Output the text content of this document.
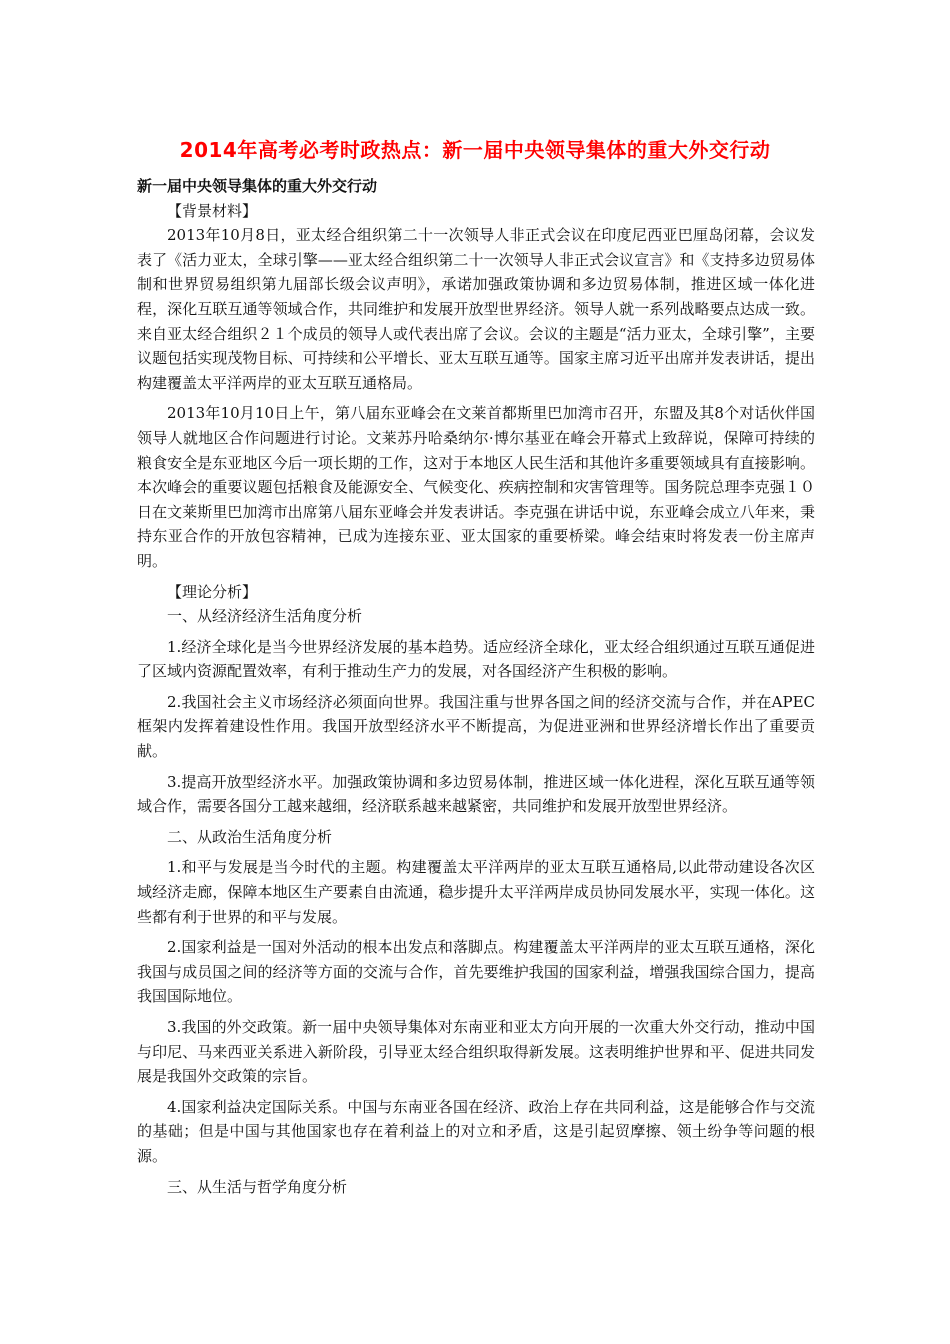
2014年高考必考时政热点：新一届中央领导集体的重大外交行动

新一届中央领导集体的重大外交行动

【背景材料】

2013年10月8日，亚太经合组织第二十一次领导人非正式会议在印度尼西亚巴厘岛闭幕，会议发表了《活力亚太，全球引擎——亚太经合组织第二十一次领导人非正式会议宣言》和《支持多边贸易体制和世界贸易组织第九届部长级会议声明》，承诺加强政策协调和多边贸易体制，推进区域一体化进程，深化互联互通等领域合作，共同维护和发展开放型世界经济。领导人就一系列战略要点达成一致。来自亚太经合组织２１个成员的领导人或代表出席了会议。会议的主题是“活力亚太，全球引擎”，主要议题包括实现茂物目标、可持续和公平增长、亚太互联互通等。国家主席习近平出席并发表讲话，提出构建覆盖太平洋两岸的亚太互联互通格局。

2013年10月10日上午，第八届东亚峰会在文莱首都斯里巴加湾市召开，东盟及其8个对话伙伴国领导人就地区合作问题进行讨论。文莱苏丹哈桑纳尔·博尔基亚在峰会开幕式上致辞说，保障可持续的粮食安全是东亚地区今后一项长期的工作，这对于本地区人民生活和其他许多重要领域具有直接影响。本次峰会的重要议题包括粮食及能源安全、气候变化、疾病控制和灾害管理等。国务院总理李克强１０日在文莱斯里巴加湾市出席第八届东亚峰会并发表讲话。李克强在讲话中说，东亚峰会成立八年来，秉持东亚合作的开放包容精神，已成为连接东亚、亚太国家的重要桥梁。峰会结束时将发表一份主席声明。

【理论分析】

一、从经济经济生活角度分析

1.经济全球化是当今世界经济发展的基本趋势。适应经济全球化，亚太经合组织通过互联互通促进了区域内资源配置效率，有利于推动生产力的发展，对各国经济产生积极的影响。

2.我国社会主义市场经济必须面向世界。我国注重与世界各国之间的经济交流与合作，并在APEC框架内发挥着建设性作用。我国开放型经济水平不断提高，为促进亚洲和世界经济增长作出了重要贡献。

3.提高开放型经济水平。加强政策协调和多边贸易体制，推进区域一体化进程，深化互联互通等领域合作，需要各国分工越来越细，经济联系越来越紧密，共同维护和发展开放型世界经济。

二、从政治生活角度分析

1.和平与发展是当今时代的主题。构建覆盖太平洋两岸的亚太互联互通格局,以此带动建设各次区域经济走廊，保障本地区生产要素自由流通，稳步提升太平洋两岸成员协同发展水平，实现一体化。这些都有利于世界的和平与发展。

2.国家利益是一国对外活动的根本出发点和落脚点。构建覆盖太平洋两岸的亚太互联互通格，深化我国与成员国之间的经济等方面的交流与合作，首先要维护我国的国家利益，增强我国综合国力，提高我国国际地位。

3.我国的外交政策。新一届中央领导集体对东南亚和亚太方向开展的一次重大外交行动，推动中国与印尼、马来西亚关系进入新阶段，引导亚太经合组织取得新发展。这表明维护世界和平、促进共同发展是我国外交政策的宗旨。

4.国家利益决定国际关系。中国与东南亚各国在经济、政治上存在共同利益，这是能够合作与交流的基础；但是中国与其他国家也存在着利益上的对立和矛盾，这是引起贸摩擦、领土纷争等问题的根源。

三、从生活与哲学角度分析
